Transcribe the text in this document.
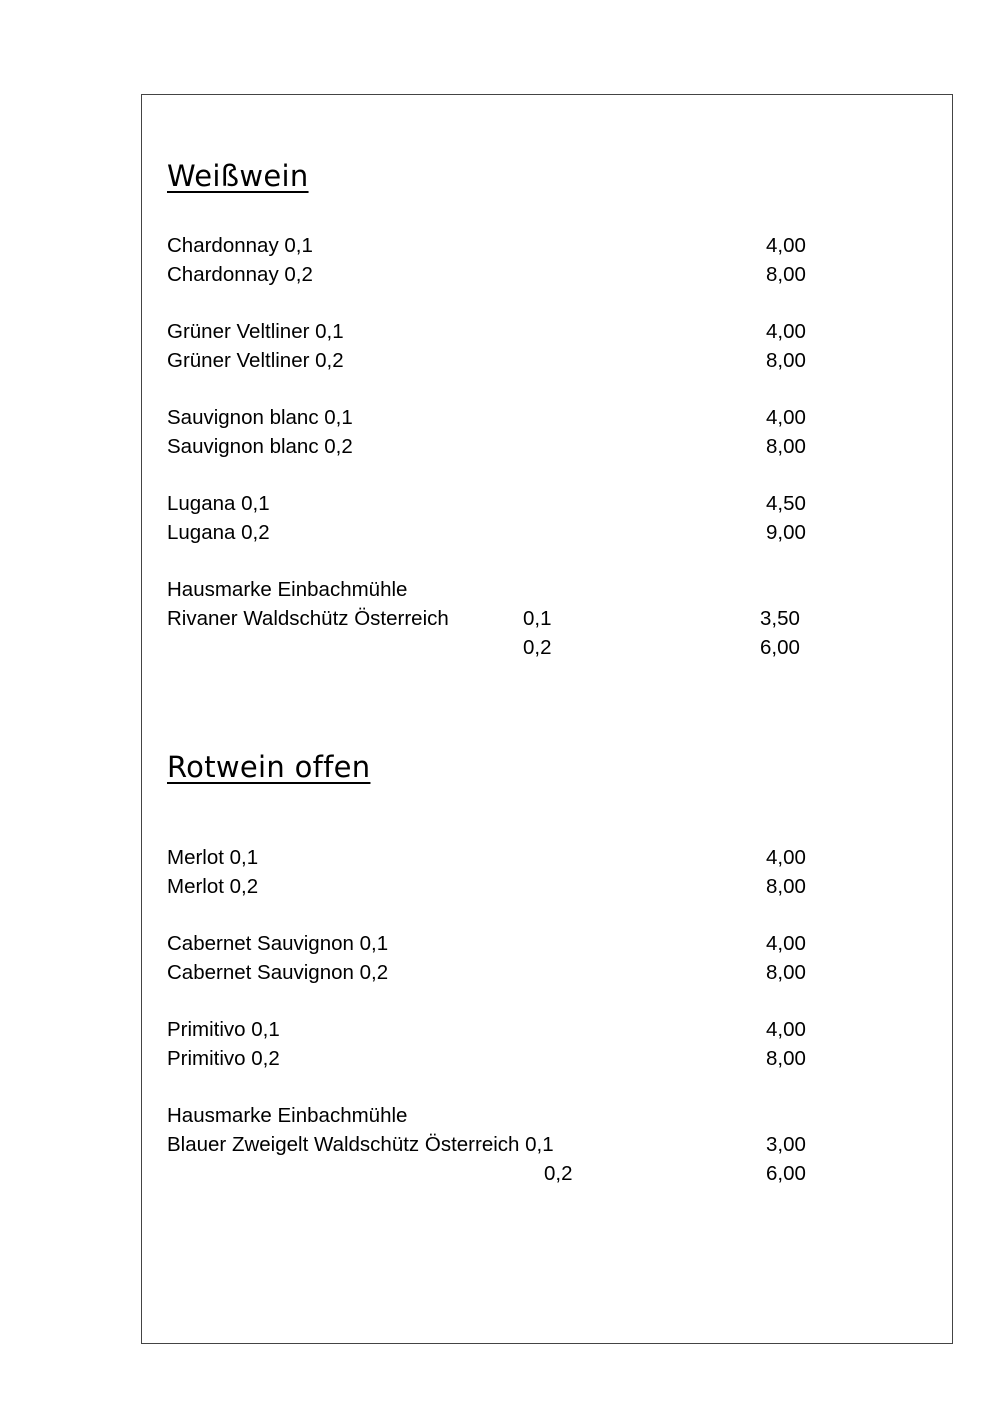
Weißwein
Chardonnay 0,1	4,00
Chardonnay 0,2	8,00
Grüner Veltliner 0,1	4,00
Grüner Veltliner 0,2	8,00
Sauvignon blanc 0,1	4,00
Sauvignon blanc 0,2	8,00
Lugana 0,1	4,50
Lugana 0,2	9,00
Hausmarke Einbachmühle
Rivaner Waldschütz Österreich	0,1	3,50
0,2	6,00
Rotwein offen
Merlot 0,1	4,00
Merlot 0,2	8,00
Cabernet Sauvignon 0,1	4,00
Cabernet Sauvignon 0,2	8,00
Primitivo 0,1	4,00
Primitivo 0,2	8,00
Hausmarke Einbachmühle
Blauer Zweigelt Waldschütz Österreich 0,1	3,00
0,2	6,00
